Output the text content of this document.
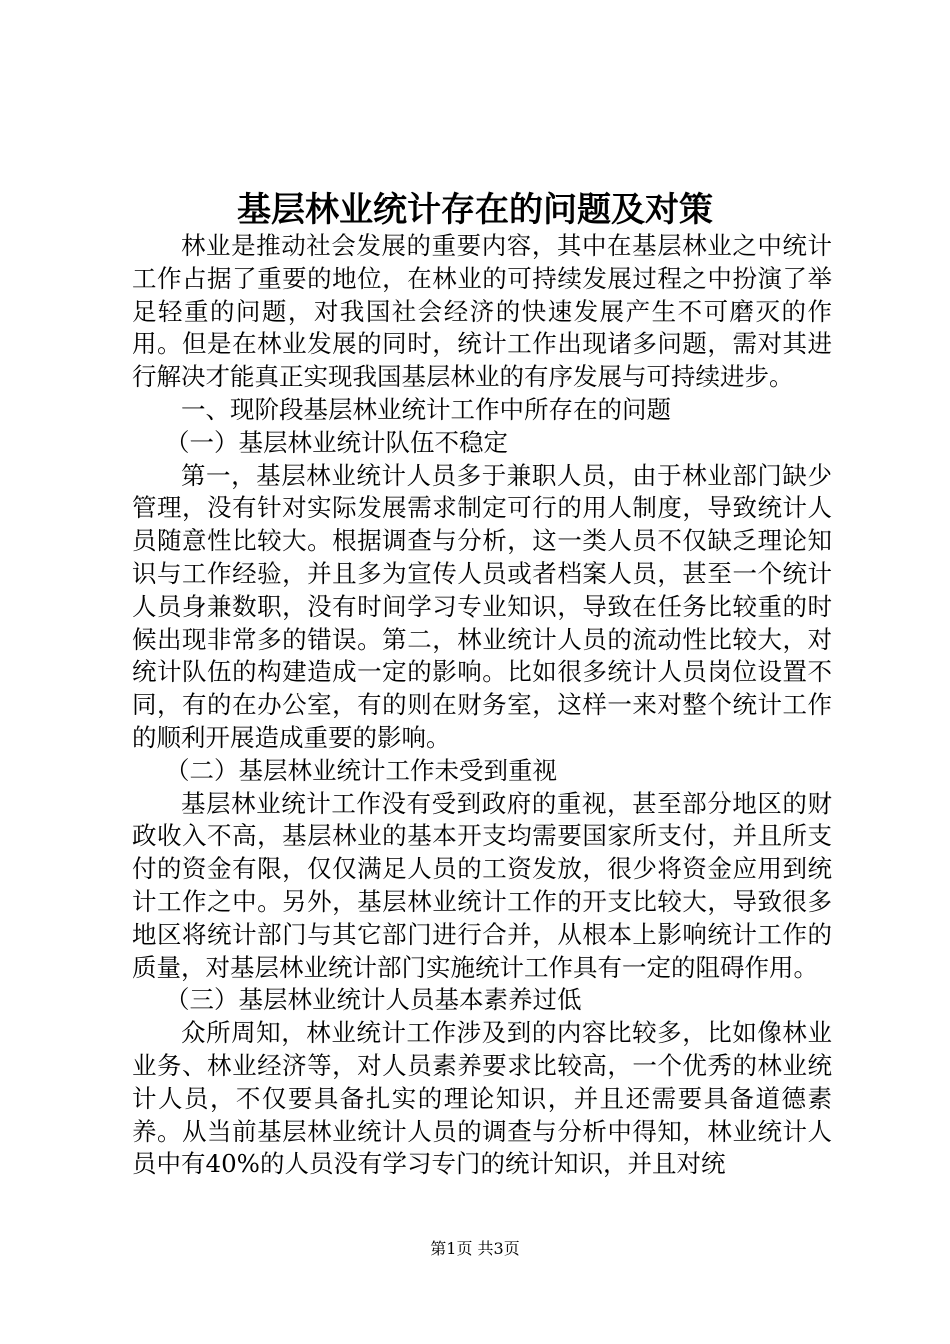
基层林业统计存在的问题及对策

林业是推动社会发展的重要内容，其中在基层林业之中统计工作占据了重要的地位，在林业的可持续发展过程之中扮演了举足轻重的问题，对我国社会经济的快速发展产生不可磨灭的作用。但是在林业发展的同时，统计工作出现诸多问题，需对其进行解决才能真正实现我国基层林业的有序发展与可持续进步。

一、现阶段基层林业统计工作中所存在的问题

（一）基层林业统计队伍不稳定

第一，基层林业统计人员多于兼职人员，由于林业部门缺少管理，没有针对实际发展需求制定可行的用人制度，导致统计人员随意性比较大。根据调查与分析，这一类人员不仅缺乏理论知识与工作经验，并且多为宣传人员或者档案人员，甚至一个统计人员身兼数职，没有时间学习专业知识，导致在任务比较重的时候出现非常多的错误。第二，林业统计人员的流动性比较大，对统计队伍的构建造成一定的影响。比如很多统计人员岗位设置不同，有的在办公室，有的则在财务室，这样一来对整个统计工作的顺利开展造成重要的影响。

（二）基层林业统计工作未受到重视

基层林业统计工作没有受到政府的重视，甚至部分地区的财政收入不高，基层林业的基本开支均需要国家所支付，并且所支付的资金有限，仅仅满足人员的工资发放，很少将资金应用到统计工作之中。另外，基层林业统计工作的开支比较大，导致很多地区将统计部门与其它部门进行合并，从根本上影响统计工作的质量，对基层林业统计部门实施统计工作具有一定的阻碍作用。

（三）基层林业统计人员基本素养过低

众所周知，林业统计工作涉及到的内容比较多，比如像林业业务、林业经济等，对人员素养要求比较高，一个优秀的林业统计人员，不仅要具备扎实的理论知识，并且还需要具备道德素养。从当前基层林业统计人员的调查与分析中得知，林业统计人员中有40%的人员没有学习专门的统计知识，并且对统

第1页 共3页
